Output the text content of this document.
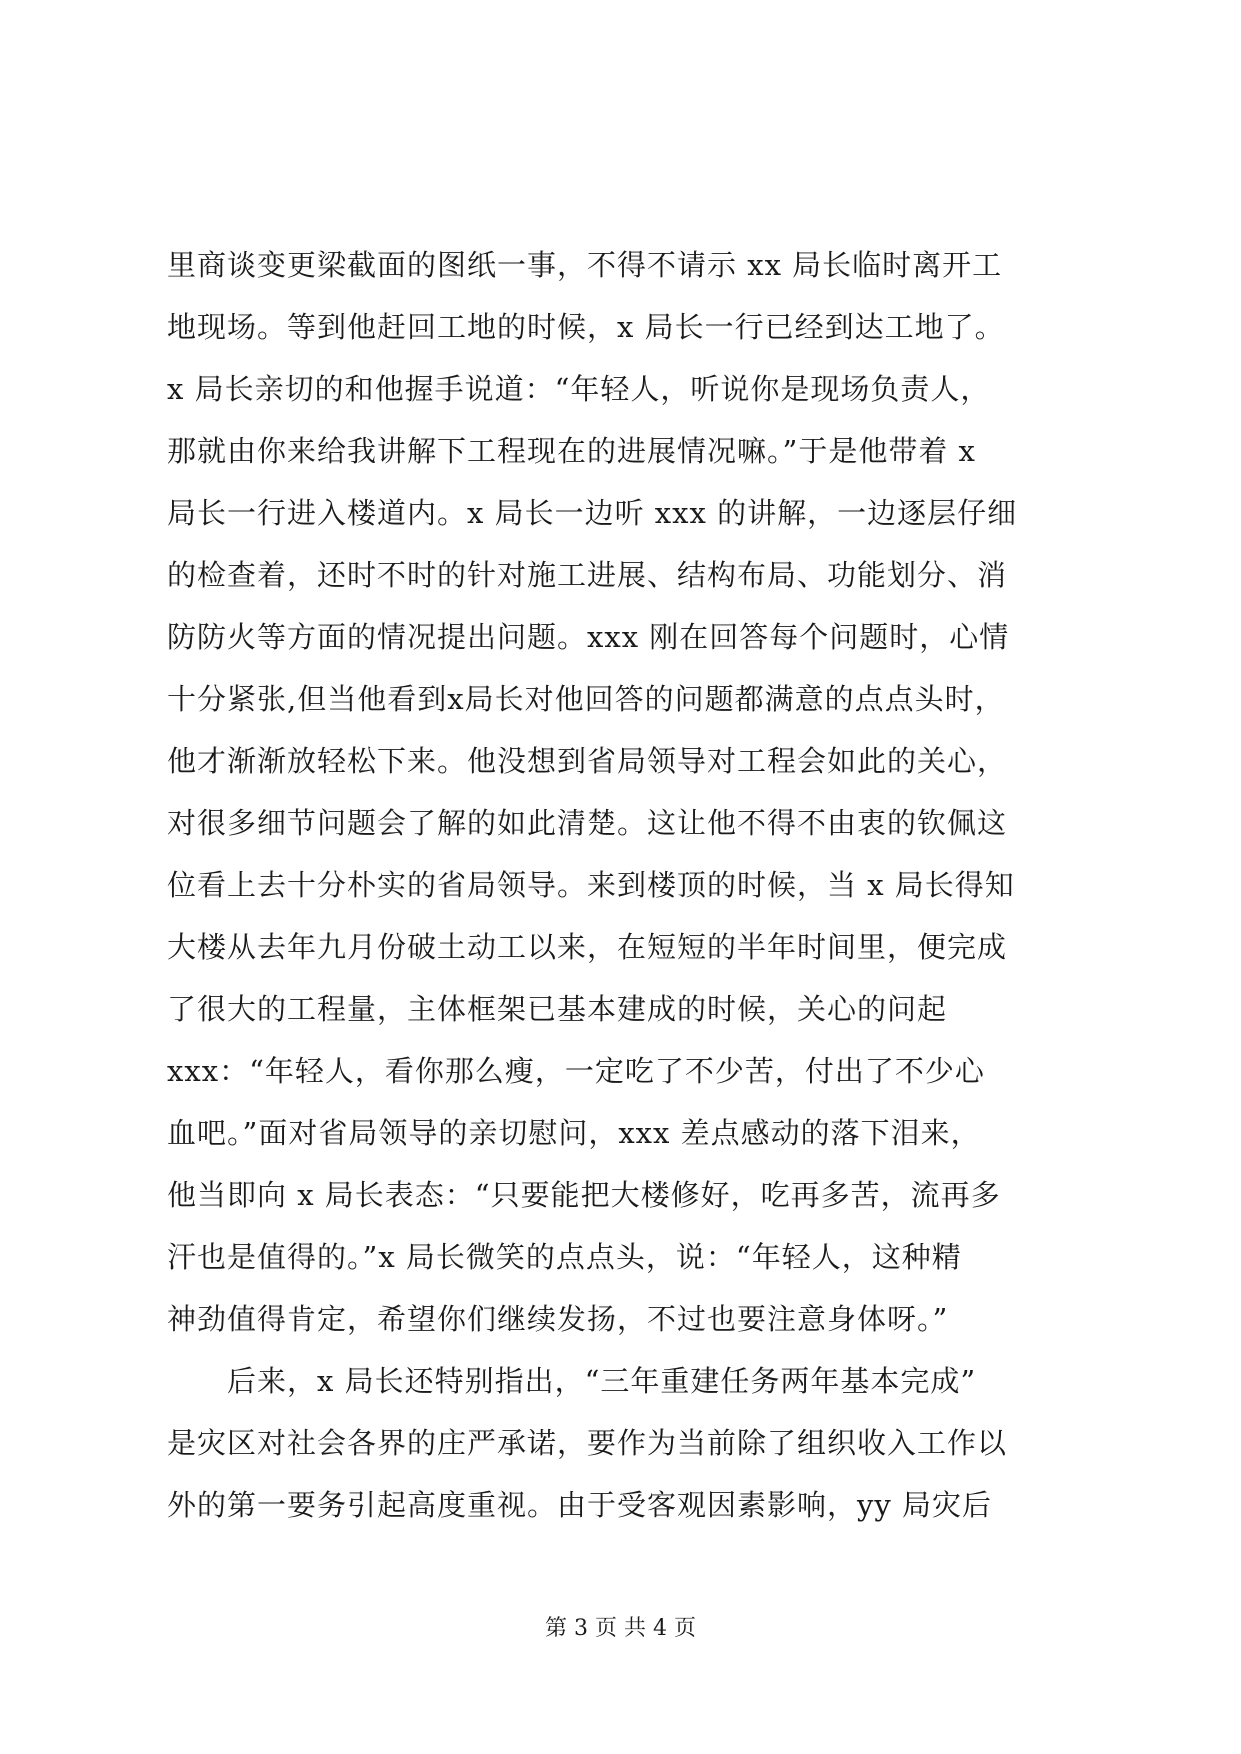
里商谈变更梁截面的图纸一事，不得不请示 xx 局长临时离开工
地现场。等到他赶回工地的时候，x 局长一行已经到达工地了。
x 局长亲切的和他握手说道：“年轻人，听说你是现场负责人，
那就由你来给我讲解下工程现在的进展情况嘛。”于是他带着 x
局长一行进入楼道内。x 局长一边听 xxx 的讲解，一边逐层仔细
的检查着，还时不时的针对施工进展、结构布局、功能划分、消
防防火等方面的情况提出问题。xxx 刚在回答每个问题时，心情
十分紧张,但当他看到x局长对他回答的问题都满意的点点头时，
他才渐渐放轻松下来。他没想到省局领导对工程会如此的关心，
对很多细节问题会了解的如此清楚。这让他不得不由衷的钦佩这
位看上去十分朴实的省局领导。来到楼顶的时候，当 x 局长得知
大楼从去年九月份破土动工以来，在短短的半年时间里，便完成
了很大的工程量，主体框架已基本建成的时候，关心的问起
xxx：“年轻人，看你那么瘦，一定吃了不少苦，付出了不少心
血吧。”面对省局领导的亲切慰问，xxx 差点感动的落下泪来，
他当即向 x 局长表态：“只要能把大楼修好，吃再多苦，流再多
汗也是值得的。”x 局长微笑的点点头，说：“年轻人，这种精
神劲值得肯定，希望你们继续发扬，不过也要注意身体呀。”
后来，x 局长还特别指出，“三年重建任务两年基本完成”
是灾区对社会各界的庄严承诺，要作为当前除了组织收入工作以
外的第一要务引起高度重视。由于受客观因素影响，yy 局灾后
第 3 页 共 4 页
